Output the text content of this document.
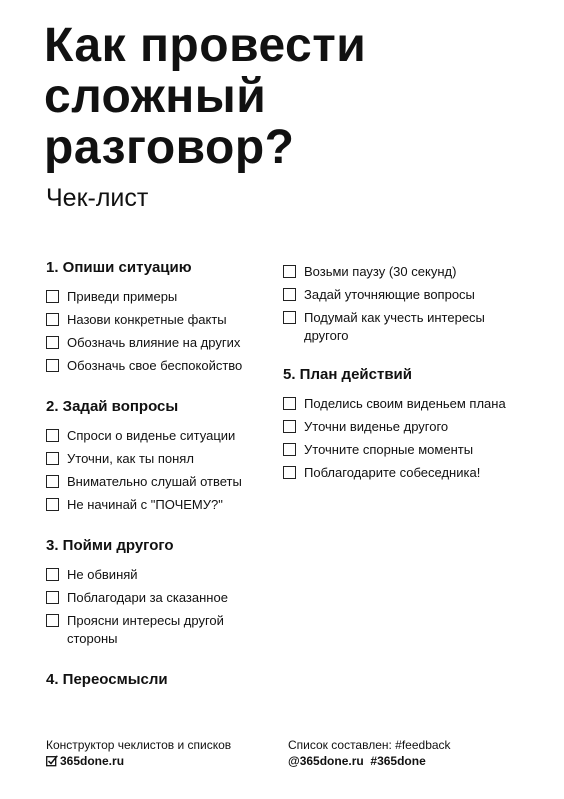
Как провести
сложный
разговор?
Чек-лист
1. Опиши ситуацию
Приведи примеры
Назови конкретные факты
Обозначь влияние на других
Обозначь свое беспокойство
2. Задай вопросы
Спроси о виденье ситуации
Уточни, как ты понял
Внимательно слушай ответы
Не начинай с "ПОЧЕМУ?"
3. Пойми другого
Не обвиняй
Поблагодари за сказанное
Проясни интересы другой стороны
4. Переосмысли
Возьми паузу (30 секунд)
Задай уточняющие вопросы
Подумай как учесть интересы другого
5. План действий
Поделись своим виденьем плана
Уточни виденье другого
Уточните спорные моменты
Поблагодарите собеседника!
Конструктор чеклистов и списков
365done.ru
Список составлен: #feedback
@365done.ru  #365done
